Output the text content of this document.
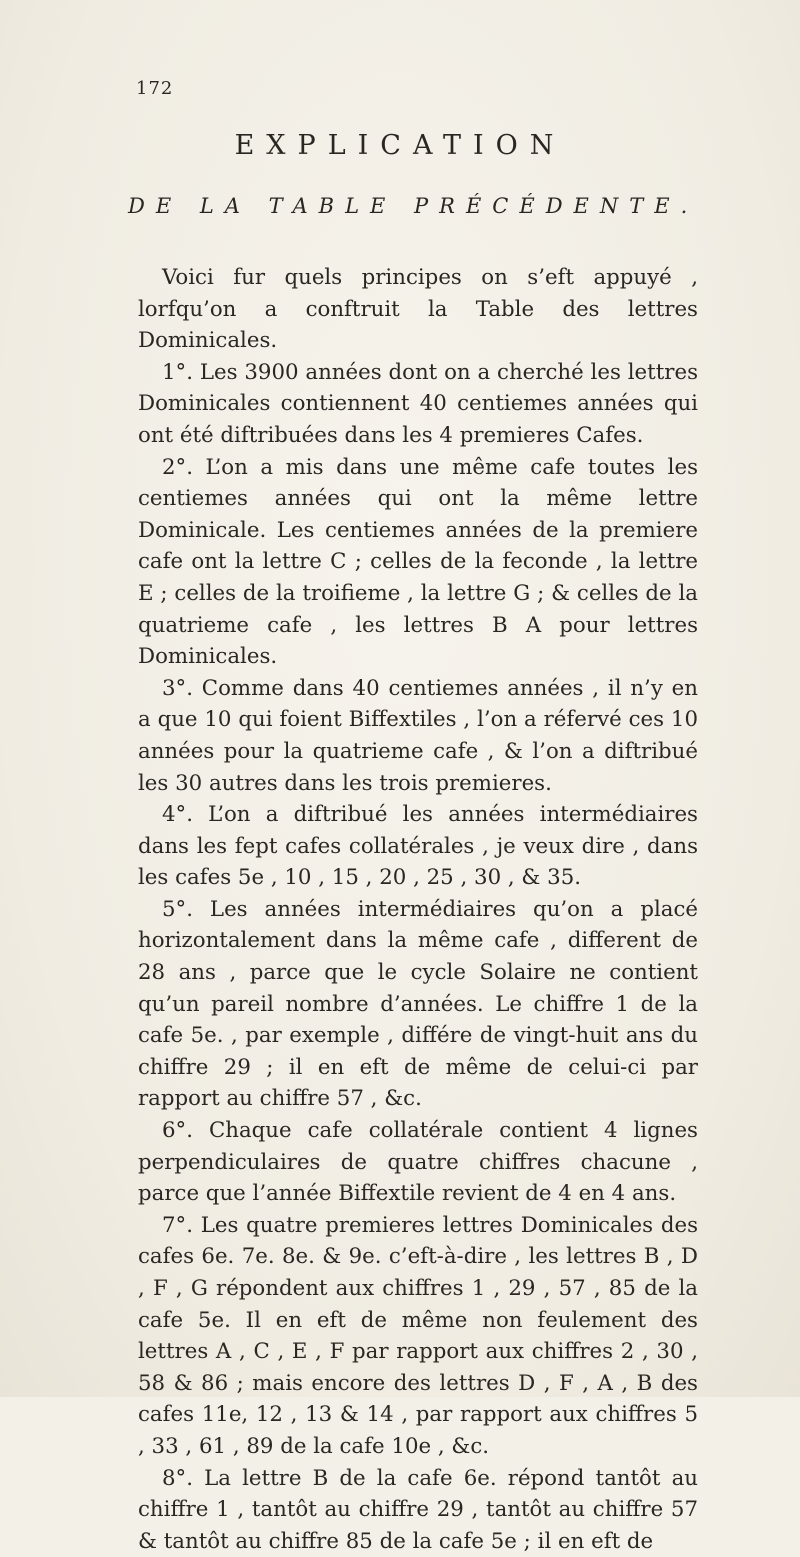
172
EXPLICATION
DE LA TABLE PRÉCÉDENTE.

Voici fur quels principes on s’eft appuyé , lorfqu’on a conftruit la Table des lettres Dominicales.

1°. Les 3900 années dont on a cherché les lettres Dominicales contiennent 40 centiemes années qui ont été diftribuées dans les 4 premieres Cafes.

2°. L’on a mis dans une même cafe toutes les centiemes années qui ont la même lettre Dominicale. Les centiemes années de la premiere cafe ont la lettre C ; celles de la feconde , la lettre E ; celles de la troifieme , la lettre G ; & celles de la quatrieme cafe , les lettres B A pour lettres Dominicales.

3°. Comme dans 40 centiemes années , il n’y en a que 10 qui foient Biffextiles , l’on a réfervé ces 10 années pour la quatrieme cafe , & l’on a diftribué les 30 autres dans les trois premieres.

4°. L’on a diftribué les années intermédiaires dans les fept cafes collatérales , je veux dire , dans les cafes 5e , 10 , 15 , 20 , 25 , 30 , & 35.

5°. Les années intermédiaires qu’on a placé horizontalement dans la même cafe , different de 28 ans , parce que le cycle Solaire ne contient qu’un pareil nombre d’années. Le chiffre 1 de la cafe 5e. , par exemple , différe de vingt-huit ans du chiffre 29 ; il en eft de même de celui-ci par rapport au chiffre 57 , &c.

6°. Chaque cafe collatérale contient 4 lignes perpendiculaires de quatre chiffres chacune , parce que l’année Biffextile revient de 4 en 4 ans.

7°. Les quatre premieres lettres Dominicales des cafes 6e. 7e. 8e. & 9e. c’eft-à-dire , les lettres B , D , F , G répondent aux chiffres 1 , 29 , 57 , 85 de la cafe 5e. Il en eft de même non feulement des lettres A , C , E , F par rapport aux chiffres 2 , 30 , 58 & 86 ; mais encore des lettres D , F , A , B des cafes 11e, 12 , 13 & 14 , par rapport aux chiffres 5 , 33 , 61 , 89 de la cafe 10e , &c.

8°. La lettre B de la cafe 6e. répond tantôt au chiffre 1 , tantôt au chiffre 29 , tantôt au chiffre 57 & tantôt au chiffre 85 de la cafe 5e ; il en eft de
